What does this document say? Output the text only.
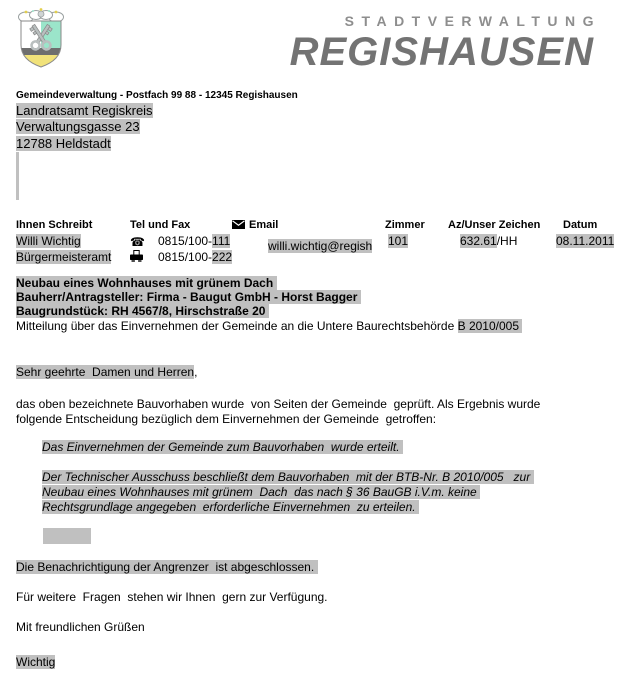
STADTVERWALTUNG
REGISHAUSEN
Gemeindeverwaltung - Postfach 99 88 - 12345 Regishausen
Landratsamt Regiskreis
Verwaltungsgasse 23
12788 Heldstadt
Ihnen Schreibt
Willi Wichtig
Bürgermeisteramt
Tel und Fax
☎	0815/100-111
0815/100-222
Email
willi.wichtig@regish
Zimmer
101
Az/Unser Zeichen
632.61/HH
Datum
08.11.2011
Neubau eines Wohnhauses mit grünem Dach
Bauherr/Antragsteller: Firma - Baugut GmbH - Horst Bagger
Baugrundstück: RH 4567/8, Hirschstraße 20
Mitteilung über das Einvernehmen der Gemeinde an die Untere Baurechtsbehörde B 2010/005
Sehr geehrte  Damen und Herren,
das oben bezeichnete Bauvorhaben wurde  von Seiten der Gemeinde  geprüft. Als Ergebnis wurde
folgende Entscheidung bezüglich dem Einvernehmen der Gemeinde  getroffen:
Das Einvernehmen der Gemeinde zum Bauvorhaben  wurde erteilt.
Der Technischer Ausschuss beschließt dem Bauvorhaben  mit der BTB-Nr. B 2010/005   zur
Neubau eines Wohnhauses mit grünem  Dach  das nach § 36 BauGB i.V.m. keine
Rechtsgrundlage angegeben  erforderliche Einvernehmen  zu erteilen.
Die Benachrichtigung der Angrenzer  ist abgeschlossen.
Für weitere  Fragen  stehen wir Ihnen  gern zur Verfügung.
Mit freundlichen Grüßen
Wichtig
